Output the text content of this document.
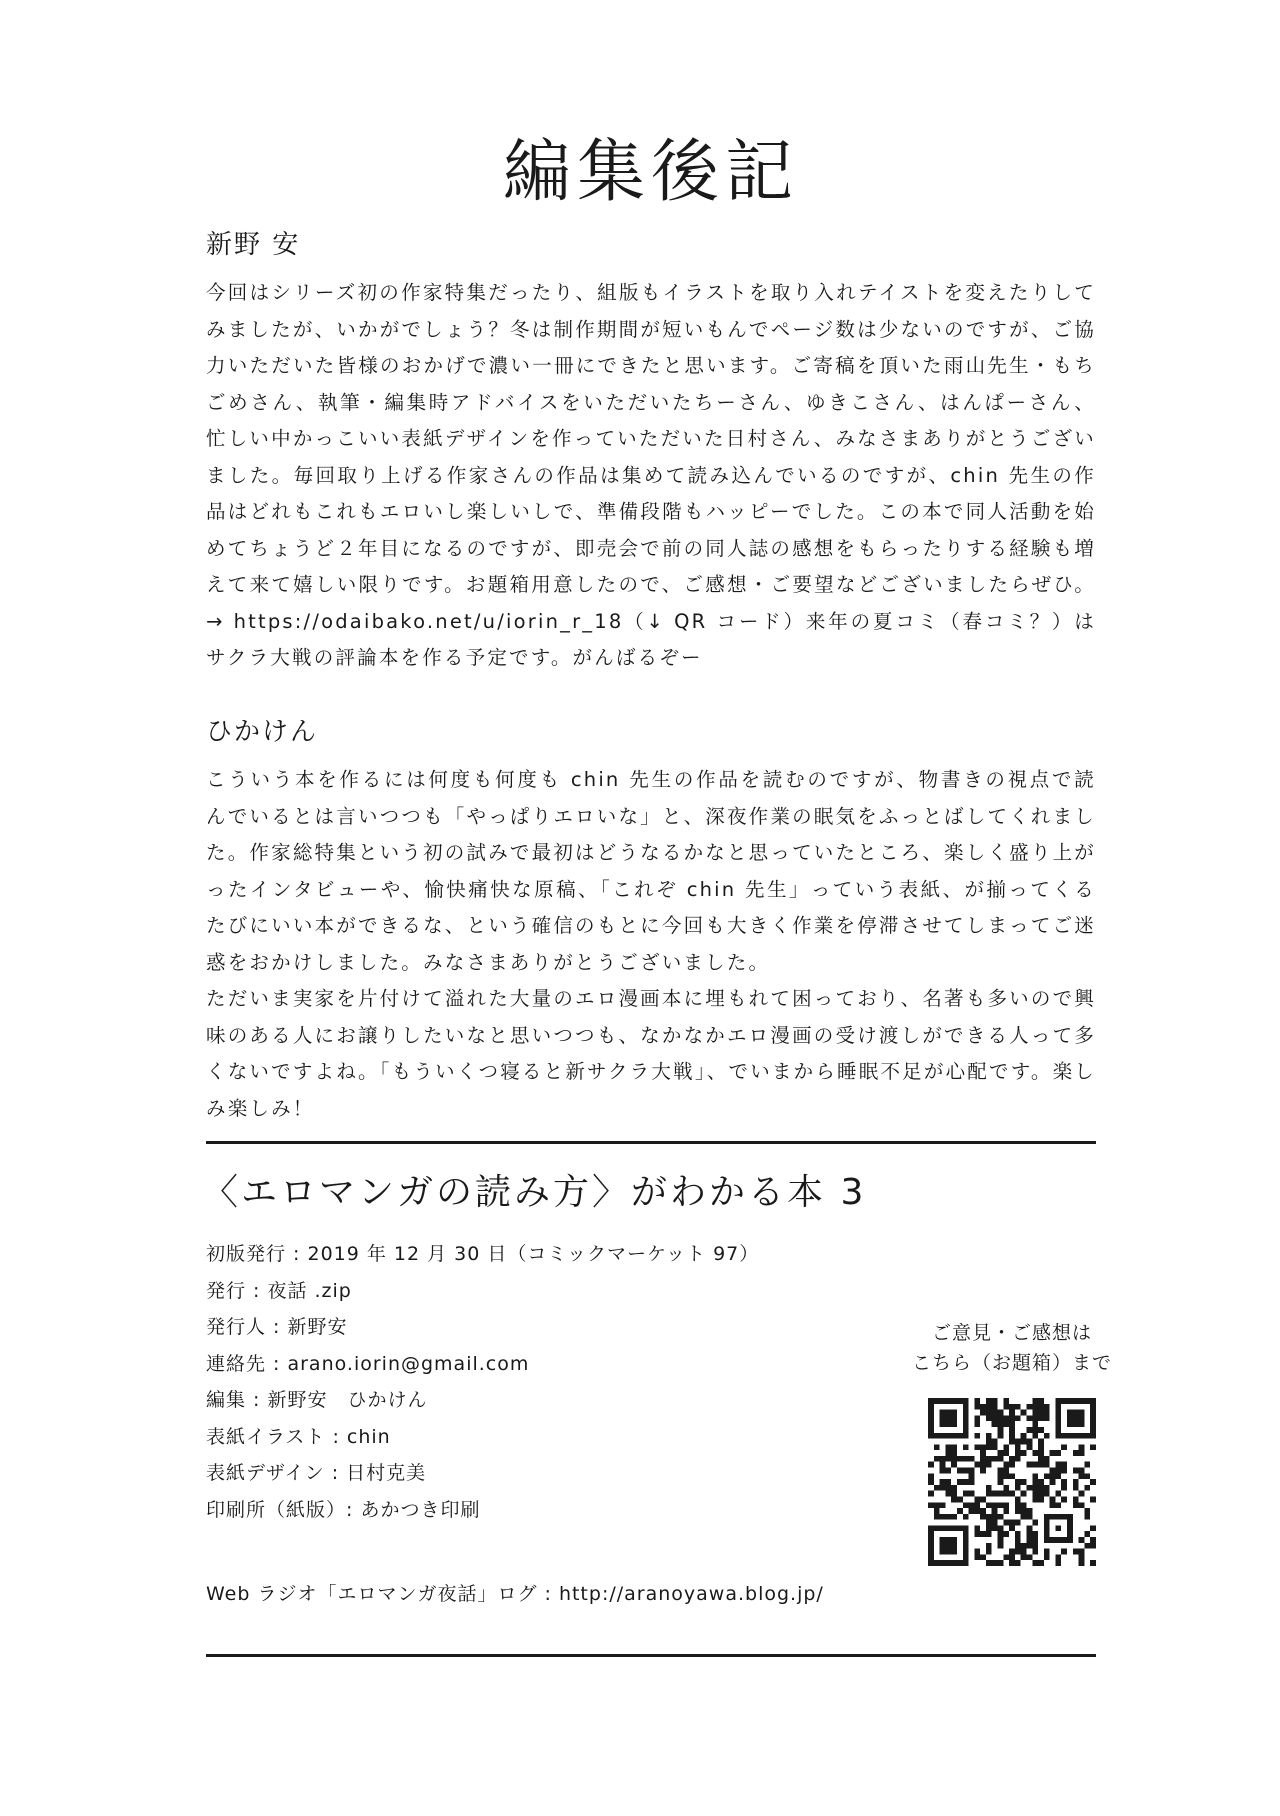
編集後記
新野 安

今回はシリーズ初の作家特集だったり、組版もイラストを取り入れテイストを変えたりしてみましたが、いかがでしょう？冬は制作期間が短いもんでページ数は少ないのですが、ご協力いただいた皆様のおかげで濃い一冊にできたと思います。ご寄稿を頂いた雨山先生・もちごめさん、執筆・編集時アドバイスをいただいたちーさん、ゆきこさん、はんぱーさん、忙しい中かっこいい表紙デザインを作っていただいた日村さん、みなさまありがとうございました。毎回取り上げる作家さんの作品は集めて読み込んでいるのですが、chin 先生の作品はどれもこれもエロいし楽しいしで、準備段階もハッピーでした。この本で同人活動を始めてちょうど２年目になるのですが、即売会で前の同人誌の感想をもらったりする経験も増えて来て嬉しい限りです。お題箱用意したので、ご感想・ご要望などございましたらぜひ。→ https://odaibako.net/u/iorin_r_18（↓ QR コード）来年の夏コミ（春コミ？）はサクラ大戦の評論本を作る予定です。がんばるぞー

ひかけん

こういう本を作るには何度も何度も chin 先生の作品を読むのですが、物書きの視点で読んでいるとは言いつつも「やっぱりエロいな」と、深夜作業の眠気をふっとばしてくれました。作家総特集という初の試みで最初はどうなるかなと思っていたところ、楽しく盛り上がったインタビューや、愉快痛快な原稿、「これぞ chin 先生」っていう表紙、が揃ってくるたびにいい本ができるな、という確信のもとに今回も大きく作業を停滞させてしまってご迷惑をおかけしました。みなさまありがとうございました。
ただいま実家を片付けて溢れた大量のエロ漫画本に埋もれて困っており、名著も多いので興味のある人にお譲りしたいなと思いつつも、なかなかエロ漫画の受け渡しができる人って多くないですよね。「もういくつ寝ると新サクラ大戦」、でいまから睡眠不足が心配です。楽しみ楽しみ！

〈エロマンガの読み方〉がわかる本 3
初版発行 : 2019 年 12 月 30 日（コミックマーケット 97）
発行 : 夜話 .zip
発行人 : 新野安
連絡先 : arano.iorin@gmail.com
編集 : 新野安　ひかけん
表紙イラスト : chin
表紙デザイン : 日村克美
印刷所（紙版）: あかつき印刷
Web ラジオ「エロマンガ夜話」ログ : http://aranoyawa.blog.jp/

ご意見・ご感想は
こちら（お題箱）まで
